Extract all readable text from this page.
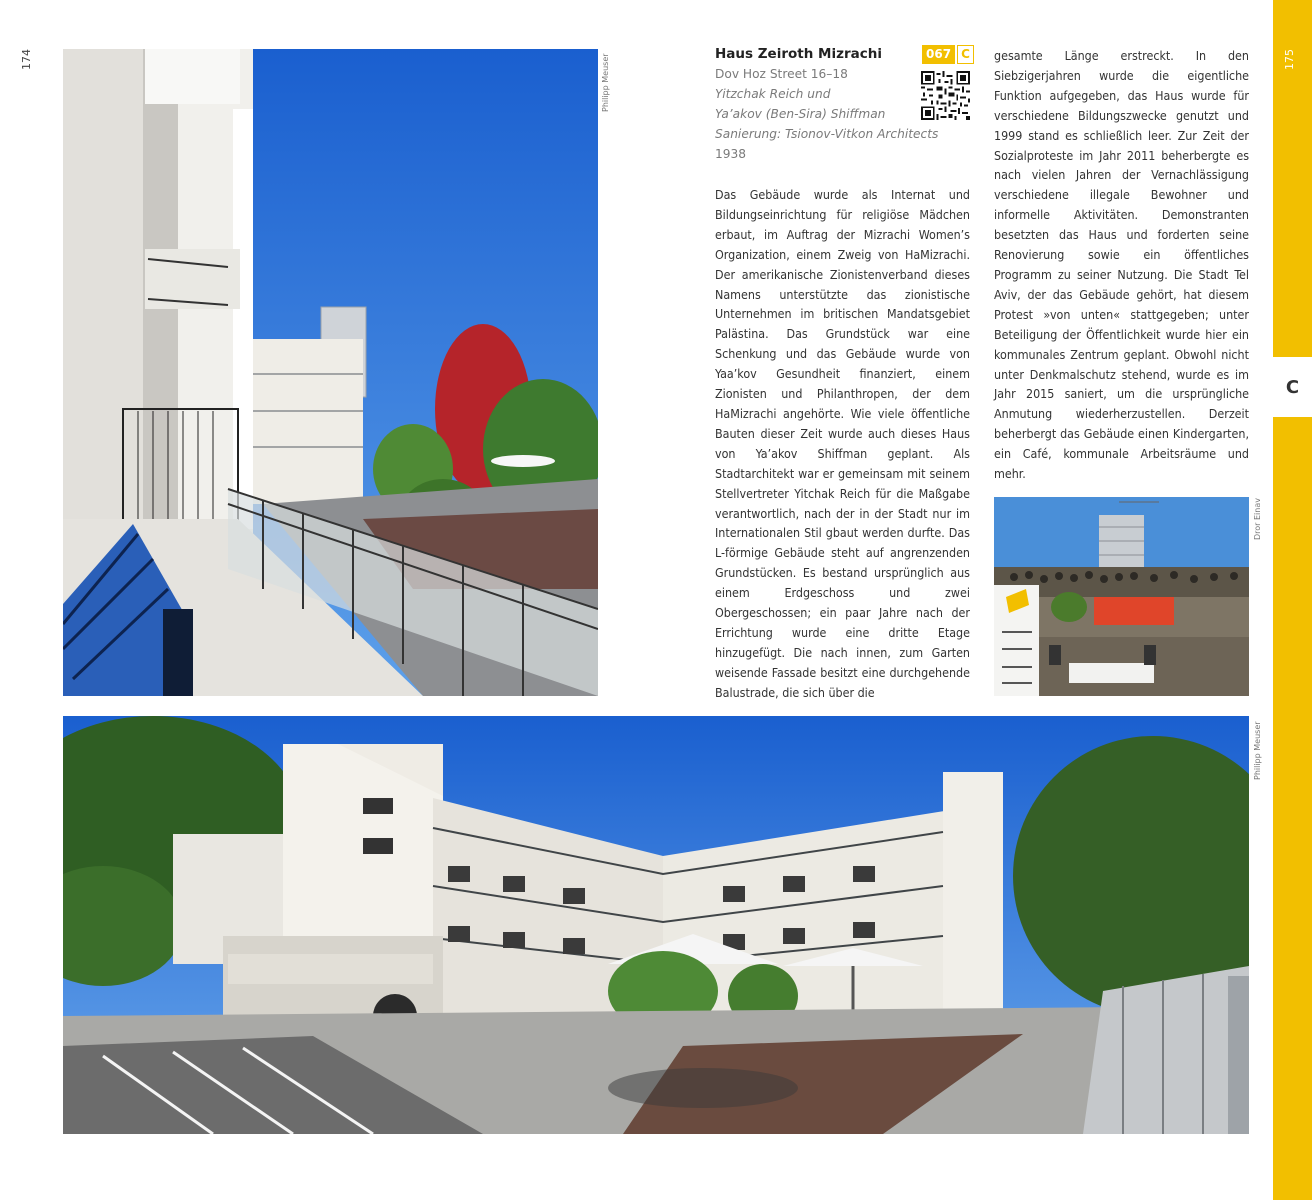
174
C
175
Philipp Meuser	Haus Zeiroth Mizrachi
Dov Hoz Street 16–18
Yitzchak Reich und
Ya’akov (Ben-Sira) Shiffman
Sanierung: Tsionov-Vitkon Architects
1938
067 C

Das Gebäude wurde als Internat und Bildungseinrichtung für religiöse Mädchen erbaut, im Auftrag der Mizrachi Women’s Organization, einem Zweig von HaMizrachi. Der amerikanische Zionistenverband dieses Namens unterstützte das zionistische Unternehmen im britischen Mandatsgebiet Palästina. Das Grundstück war eine Schenkung und das Gebäude wurde von Yaa’kov Gesundheit finanziert, einem Zionisten und Philanthropen, der dem HaMizrachi angehörte. Wie viele öffentliche Bauten dieser Zeit wurde auch dieses Haus von Ya’akov Shiffman geplant. Als Stadtarchitekt war er gemeinsam mit seinem Stellvertreter Yitchak Reich für die Maßgabe verantwortlich, nach der in der Stadt nur im Internationalen Stil gbaut werden durfte. Das L-förmige Gebäude steht auf angrenzenden Grundstücken. Es bestand ursprünglich aus einem Erdgeschoss und zwei Obergeschossen; ein paar Jahre nach der Errichtung wurde eine dritte Etage hinzugefügt. Die nach innen, zum Garten weisende Fassade besitzt eine durchgehende Balustrade, die sich über die

gesamte Länge erstreckt. In den Siebzigerjahren wurde die eigentliche Funktion aufgegeben, das Haus wurde für verschiedene Bildungszwecke genutzt und 1999 stand es schließlich leer. Zur Zeit der Sozialproteste im Jahr 2011 beherbergte es nach vielen Jahren der Vernachlässigung verschiedene illegale Bewohner und informelle Aktivitäten. Demonstranten besetzten das Haus und forderten seine Renovierung sowie ein öffentliches Programm zu seiner Nutzung. Die Stadt Tel Aviv, der das Gebäude gehört, hat diesem Protest »von unten« stattgegeben; unter Beteiligung der Öffentlichkeit wurde hier ein kommunales Zentrum geplant. Obwohl nicht unter Denkmalschutz stehend, wurde es im Jahr 2015 saniert, um die ursprüngliche Anmutung wiederherzustellen. Derzeit beherbergt das Gebäude einen Kindergarten, ein Café, kommunale Arbeitsräume und mehr.

Dror Einav
Philipp Meuser
